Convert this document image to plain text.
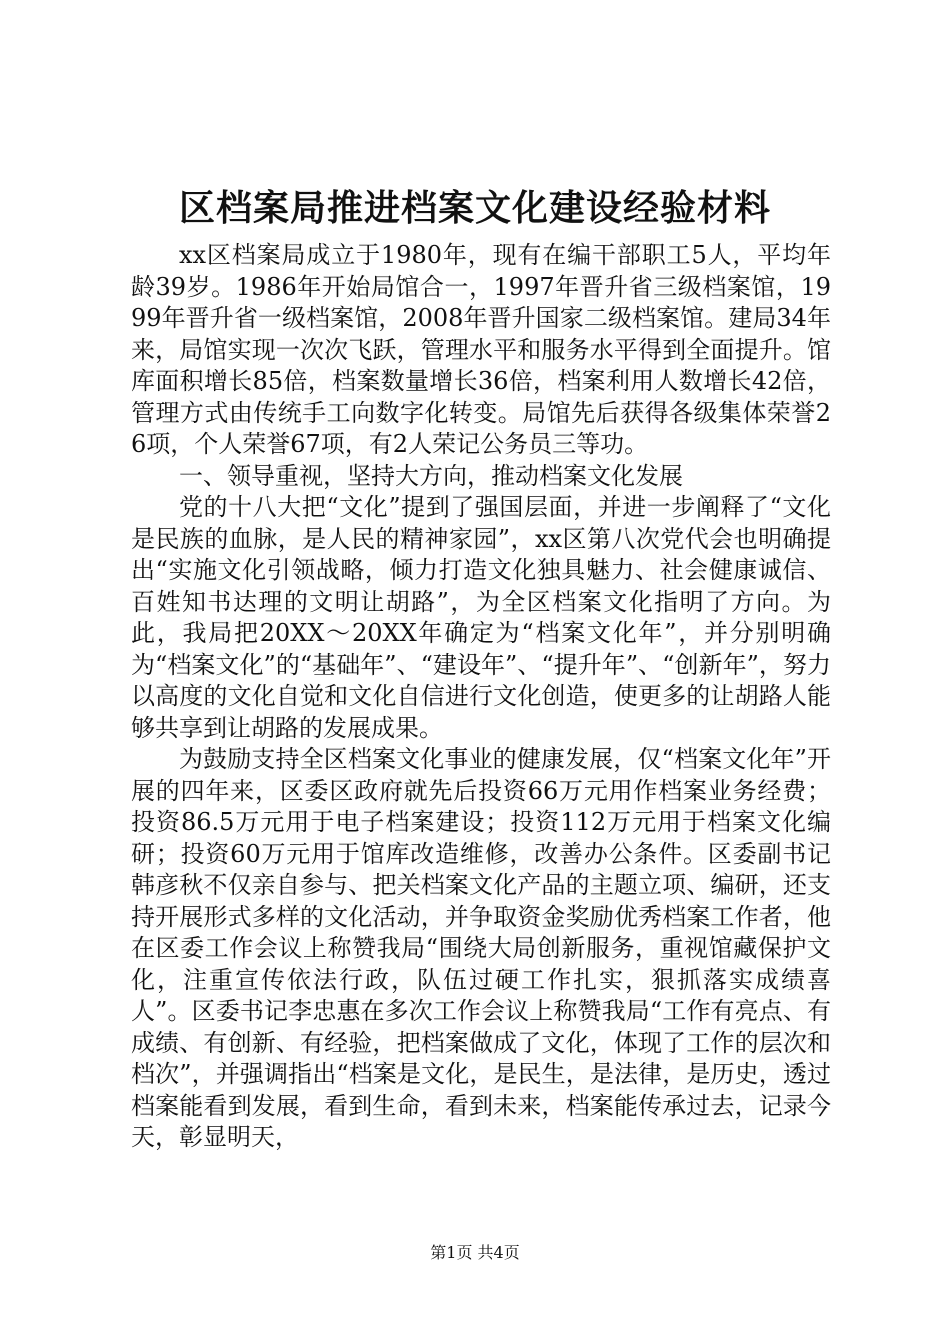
区档案局推进档案文化建设经验材料

xx区档案局成立于1980年，现有在编干部职工5人，平均年龄39岁。1986年开始局馆合一，1997年晋升省三级档案馆，1999年晋升省一级档案馆，2008年晋升国家二级档案馆。建局34年来，局馆实现一次次飞跃，管理水平和服务水平得到全面提升。馆库面积增长85倍，档案数量增长36倍，档案利用人数增长42倍，管理方式由传统手工向数字化转变。局馆先后获得各级集体荣誉26项，个人荣誉67项，有2人荣记公务员三等功。

一、领导重视，坚持大方向，推动档案文化发展

党的十八大把“文化”提到了强国层面，并进一步阐释了“文化是民族的血脉，是人民的精神家园”，xx区第八次党代会也明确提出“实施文化引领战略，倾力打造文化独具魅力、社会健康诚信、百姓知书达理的文明让胡路”，为全区档案文化指明了方向。为此，我局把20XX～20XX年确定为“档案文化年”，并分别明确为“档案文化”的“基础年”、“建设年”、“提升年”、“创新年”，努力以高度的文化自觉和文化自信进行文化创造，使更多的让胡路人能够共享到让胡路的发展成果。

为鼓励支持全区档案文化事业的健康发展，仅“档案文化年”开展的四年来，区委区政府就先后投资66万元用作档案业务经费；投资86.5万元用于电子档案建设；投资112万元用于档案文化编研；投资60万元用于馆库改造维修，改善办公条件。区委副书记韩彦秋不仅亲自参与、把关档案文化产品的主题立项、编研，还支持开展形式多样的文化活动，并争取资金奖励优秀档案工作者，他在区委工作会议上称赞我局“围绕大局创新服务，重视馆藏保护文化，注重宣传依法行政，队伍过硬工作扎实，狠抓落实成绩喜人”。区委书记李忠惠在多次工作会议上称赞我局“工作有亮点、有成绩、有创新、有经验，把档案做成了文化，体现了工作的层次和档次”，并强调指出“档案是文化，是民生，是法律，是历史，透过档案能看到发展，看到生命，看到未来，档案能传承过去，记录今天，彰显明天，

第1页 共4页
